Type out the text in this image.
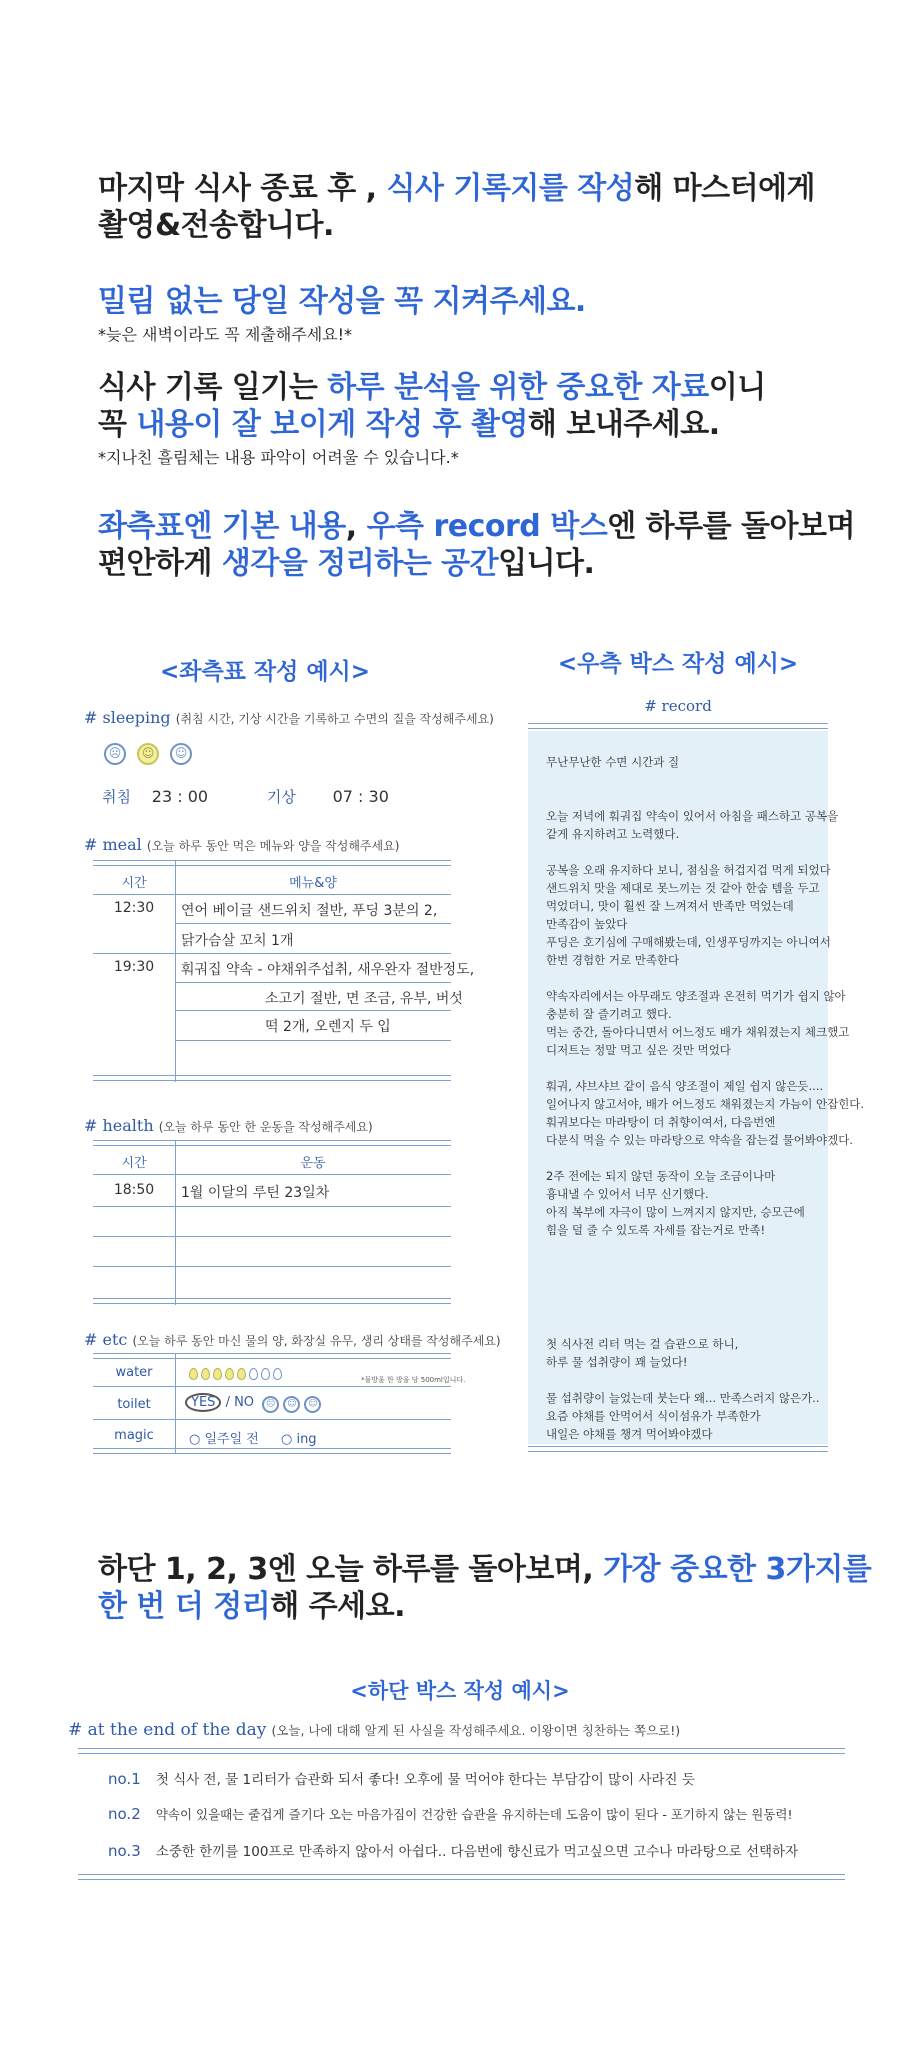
마지막 식사 종료 후 , 식사 기록지를 작성해 마스터에게
촬영&전송합니다.
밀림 없는 당일 작성을 꼭 지켜주세요.
*늦은 새벽이라도 꼭 제출해주세요!*
식사 기록 일기는 하루 분석을 위한 중요한 자료이니
꼭 내용이 잘 보이게 작성 후 촬영해 보내주세요.
*지나친 흘림체는 내용 파악이 어려울 수 있습니다.*
좌측표엔 기본 내용, 우측 record 박스엔 하루를 돌아보며
편안하게 생각을 정리하는 공간입니다.
<좌측표 작성 예시>
# sleeping (취침 시간, 기상 시간을 기록하고 수면의 질을 작성해주세요)
☹ ☺ ☺
취침 23 : 00	기상 07 : 30
# meal (오늘 하루 동안 먹은 메뉴와 양을 작성해주세요)
시간	메뉴&양
12:30	연어 베이글 샌드위치 절반, 푸딩 3분의 2,
닭가슴살 꼬치 1개
19:30	훠궈집 약속 - 야채위주섭취, 새우완자 절반정도,
소고기 절반, 면 조금, 유부, 버섯
떡 2개, 오렌지 두 입
# health (오늘 하루 동안 한 운동을 작성해주세요)
시간	운동
18:50	1월 이달의 루틴 23일차
# etc (오늘 하루 동안 마신 물의 양, 화장실 유무, 생리 상태를 작성해주세요)
water	*물방울 한 방울 당 500ml입니다.
toilet	YES / NO ☹ ☺ ☺
magic	○ 일주일 전 ○ ing
<우측 박스 작성 예시>
# record
무난무난한 수면 시간과 질

오늘 저녁에 훠궈집 약속이 있어서 아침을 패스하고 공복을
같게 유지하려고 노력했다.

공복을 오래 유지하다 보니, 점심을 허겁지겁 먹게 되었다
샌드위치 맛을 제대로 못느끼는 것 같아 한숨 템을 두고
먹었더니, 맛이 훨씬 잘 느껴져서 반족만 먹었는데
만족감이 높았다
푸딩은 호기심에 구매해봤는데, 인생푸딩까지는 아니여서
한번 경험한 거로 만족한다

약속자리에서는 아무래도 양조절과 온전히 먹기가 쉽지 않아
충분히 잘 즐기려고 했다.
먹는 중간, 돌아다니면서 어느정도 배가 채워졌는지 체크했고
디저트는 정말 먹고 싶은 것만 먹었다

훠궈, 샤브샤브 같이 음식 양조절이 제일 쉽지 않은듯....
일어나지 않고서야, 배가 어느정도 채워졌는지 가늠이 안잡힌다.
훠궈보다는 마라탕이 더 취향이여서, 다음번엔
다분식 먹을 수 있는 마라탕으로 약속을 잡는걸 물어봐야겠다.

2주 전에는 되지 않던 동작이 오늘 조금이나마
흉내낼 수 있어서 너무 신기했다.
아직 복부에 자극이 많이 느껴지지 않지만, 승모근에
힘을 덜 줄 수 있도록 자세를 잡는거로 만족!
첫 식사전 리터 먹는 걸 습관으로 하니,
하루 물 섭취량이 꽤 늘었다!

물 섭취량이 늘었는데 붓는다 왜... 만족스러지 않은가..
요즘 야채를 안먹어서 식이섬유가 부족한가
내일은 야채를 챙겨 먹어봐야겠다
하단 1, 2, 3엔 오늘 하루를 돌아보며, 가장 중요한 3가지를
한 번 더 정리해 주세요.
<하단 박스 작성 예시>
# at the end of the day (오늘, 나에 대해 알게 된 사실을 작성해주세요. 이왕이면 칭찬하는 쪽으로!)
no.1 첫 식사 전, 물 1리터가 습관화 되서 좋다! 오후에 물 먹어야 한다는 부담감이 많이 사라진 듯
no.2 약속이 있을때는 줄겁게 즐기다 오는 마음가짐이 건강한 습관을 유지하는데 도움이 많이 된다 - 포기하지 않는 원동력!
no.3 소중한 한끼를 100프로 만족하지 않아서 아쉽다.. 다음번에 향신료가 먹고싶으면 고수나 마라탕으로 선택하자
